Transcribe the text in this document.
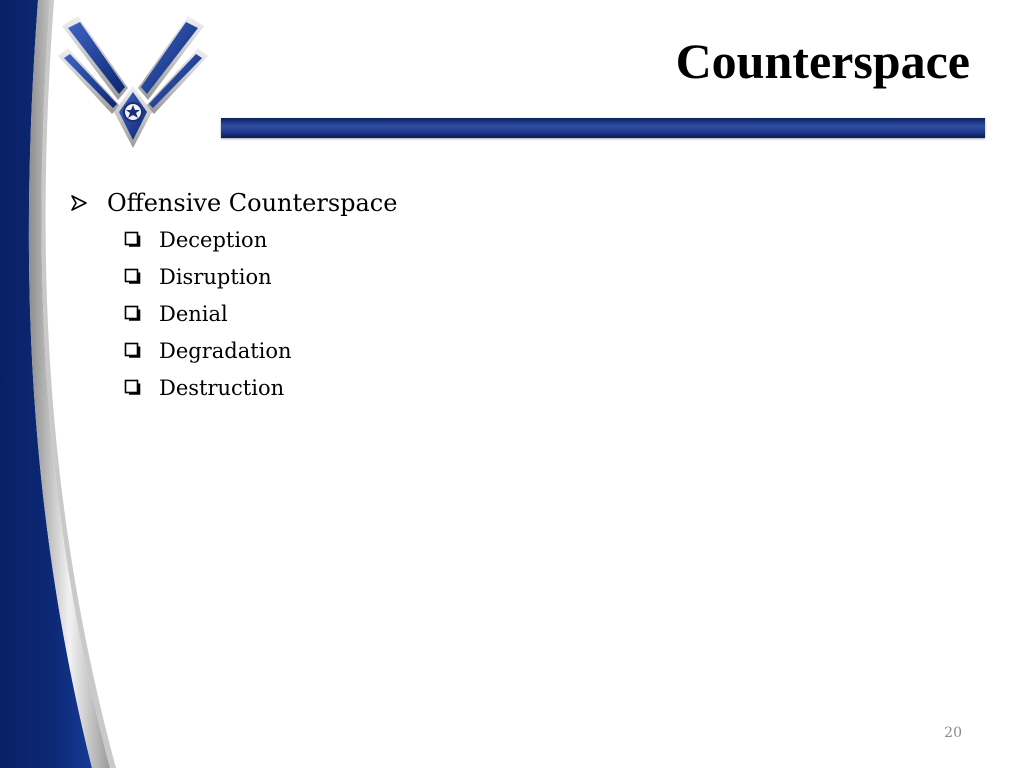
Counterspace
Offensive Counterspace
Deception
Disruption
Denial
Degradation
Destruction
20
